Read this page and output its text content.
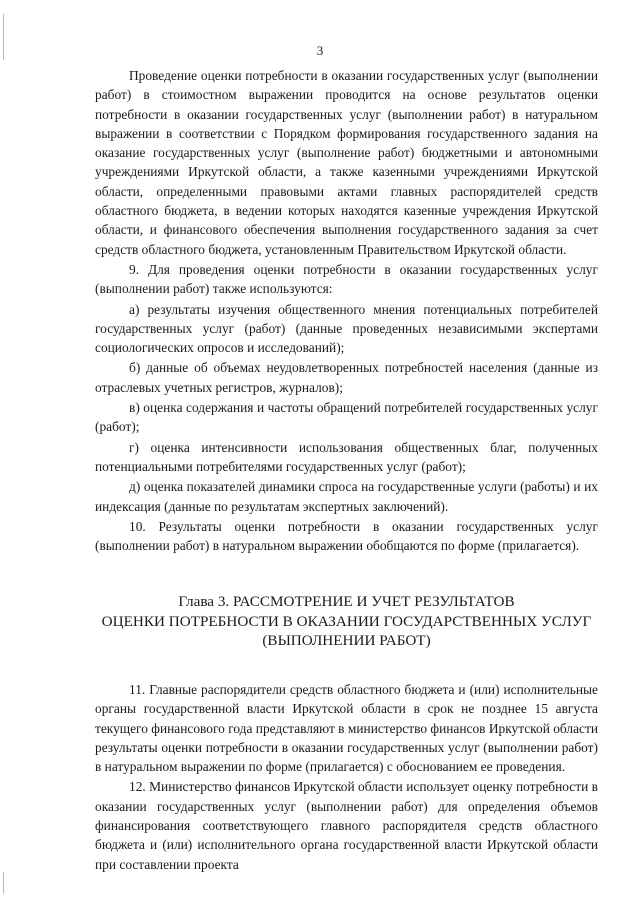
3

Проведение оценки потребности в оказании государственных услуг (выполнении работ) в стоимостном выражении проводится на основе результатов оценки потребности в оказании государственных услуг (выполнении работ) в натуральном выражении в соответствии с Порядком формирования государственного задания на оказание государственных услуг (выполнение работ) бюджетными и автономными учреждениями Иркутской области, а также казенными учреждениями Иркутской области, определенными правовыми актами главных распорядителей средств областного бюджета, в ведении которых находятся казенные учреждения Иркутской области, и финансового обеспечения выполнения государственного задания за счет средств областного бюджета, установленным Правительством Иркутской области.

9. Для проведения оценки потребности в оказании государственных услуг (выполнении работ) также используются:

а) результаты изучения общественного мнения потенциальных потребителей государственных услуг (работ) (данные проведенных независимыми экспертами социологических опросов и исследований);

б) данные об объемах неудовлетворенных потребностей населения (данные из отраслевых учетных регистров, журналов);

в) оценка содержания и частоты обращений потребителей государственных услуг (работ);

г) оценка интенсивности использования общественных благ, полученных потенциальными потребителями государственных услуг (работ);

д) оценка показателей динамики спроса на государственные услуги (работы) и их индексация (данные по результатам экспертных заключений).

10. Результаты оценки потребности в оказании государственных услуг (выполнении работ) в натуральном выражении обобщаются по форме (прилагается).

Глава 3. РАССМОТРЕНИЕ И УЧЕТ РЕЗУЛЬТАТОВ
ОЦЕНКИ ПОТРЕБНОСТИ В ОКАЗАНИИ ГОСУДАРСТВЕННЫХ УСЛУГ
(ВЫПОЛНЕНИИ РАБОТ)

11. Главные распорядители средств областного бюджета и (или) исполнительные органы государственной власти Иркутской области в срок не позднее 15 августа текущего финансового года представляют в министерство финансов Иркутской области результаты оценки потребности в оказании государственных услуг (выполнении работ) в натуральном выражении по форме (прилагается) с обоснованием ее проведения.

12. Министерство финансов Иркутской области использует оценку потребности в оказании государственных услуг (выполнении работ) для определения объемов финансирования соответствующего главного распорядителя средств областного бюджета и (или) исполнительного органа государственной власти Иркутской области при составлении проекта
